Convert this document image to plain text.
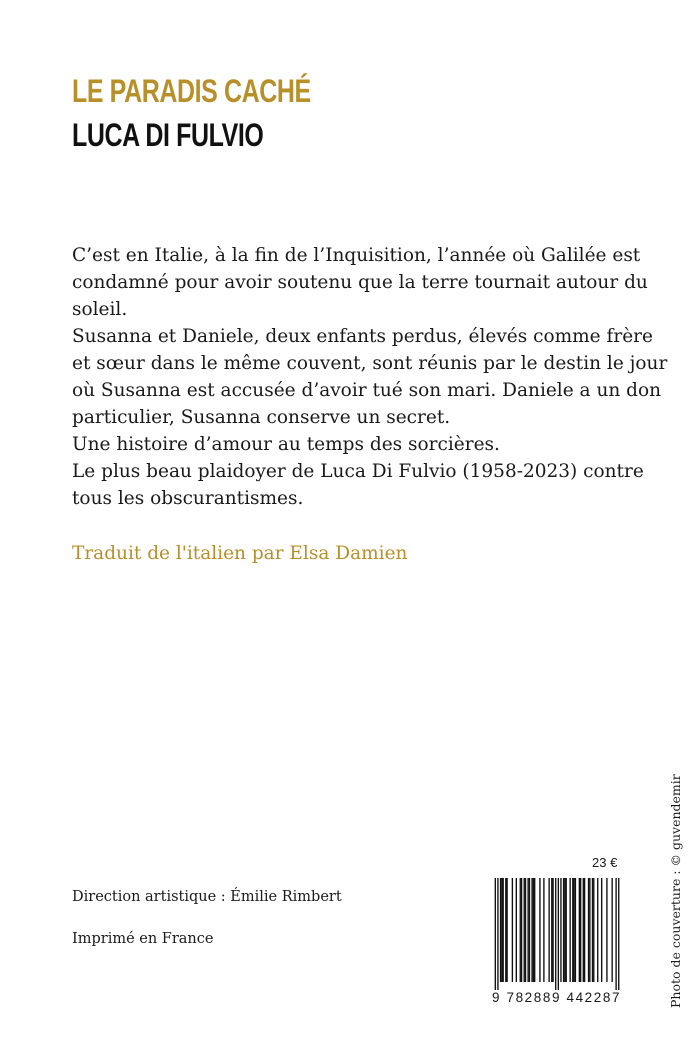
LE PARADIS CACHÉ
LUCA DI FULVIO

C’est en Italie, à la fin de l’Inquisition, l’année où Galilée est
condamné pour avoir soutenu que la terre tournait autour du
soleil.
Susanna et Daniele, deux enfants perdus, élevés comme frère
et sœur dans le même couvent, sont réunis par le destin le jour
où Susanna est accusée d’avoir tué son mari. Daniele a un don
particulier, Susanna conserve un secret.
Une histoire d’amour au temps des sorcières.
Le plus beau plaidoyer de Luca Di Fulvio (1958-2023) contre
tous les obscurantismes.

Traduit de l'italien par Elsa Damien
23 €
Direction artistique : Émilie Rimbert
Imprimé en France
9 782889 442287	Photo de couverture : © guvendemir
